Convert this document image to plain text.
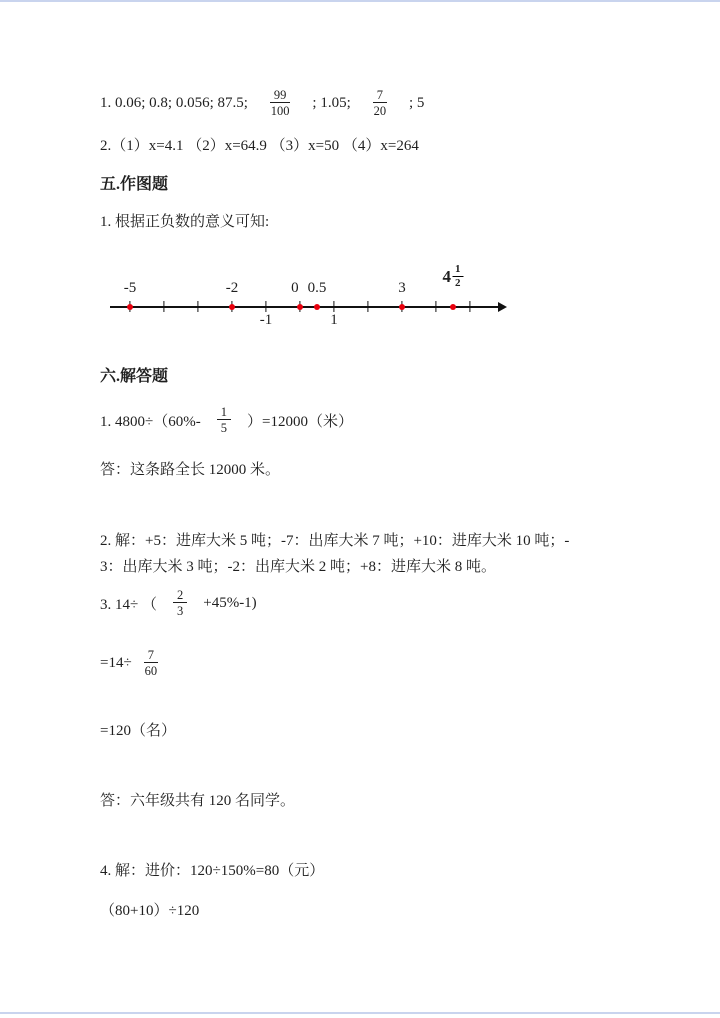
1. 0.06; 0.8; 0.056; 87.5; $\frac{99}{100}$ ; 1.05; $\frac{7}{20}$ ; 5
2.（1）x=4.1 （2）x=64.9 （3）x=50 （4）x=264
五.作图题
1. 根据正负数的意义可知:
$4 \frac{1}{2}$
-5	-2	0 0.5	3
-1	1
六.解答题
1. $4800\div(60\%- \frac{1}{5} )=12000$（米）
答：这条路全长 12000 米。
2. 解：+5：进库大米 5 吨；-7：出库大米 7 吨；+10：进库大米 10 吨；-
3：出库大米 3 吨；-2：出库大米 2 吨；+8：进库大米 8 吨。
3. 14÷ （ $\frac{2}{3} +45\%-1$)
$=14\div \frac{7}{60}$
=120（名）
答：六年级共有 120 名同学。
4. 解：进价：120÷150%=80（元）
（80+10）÷120
